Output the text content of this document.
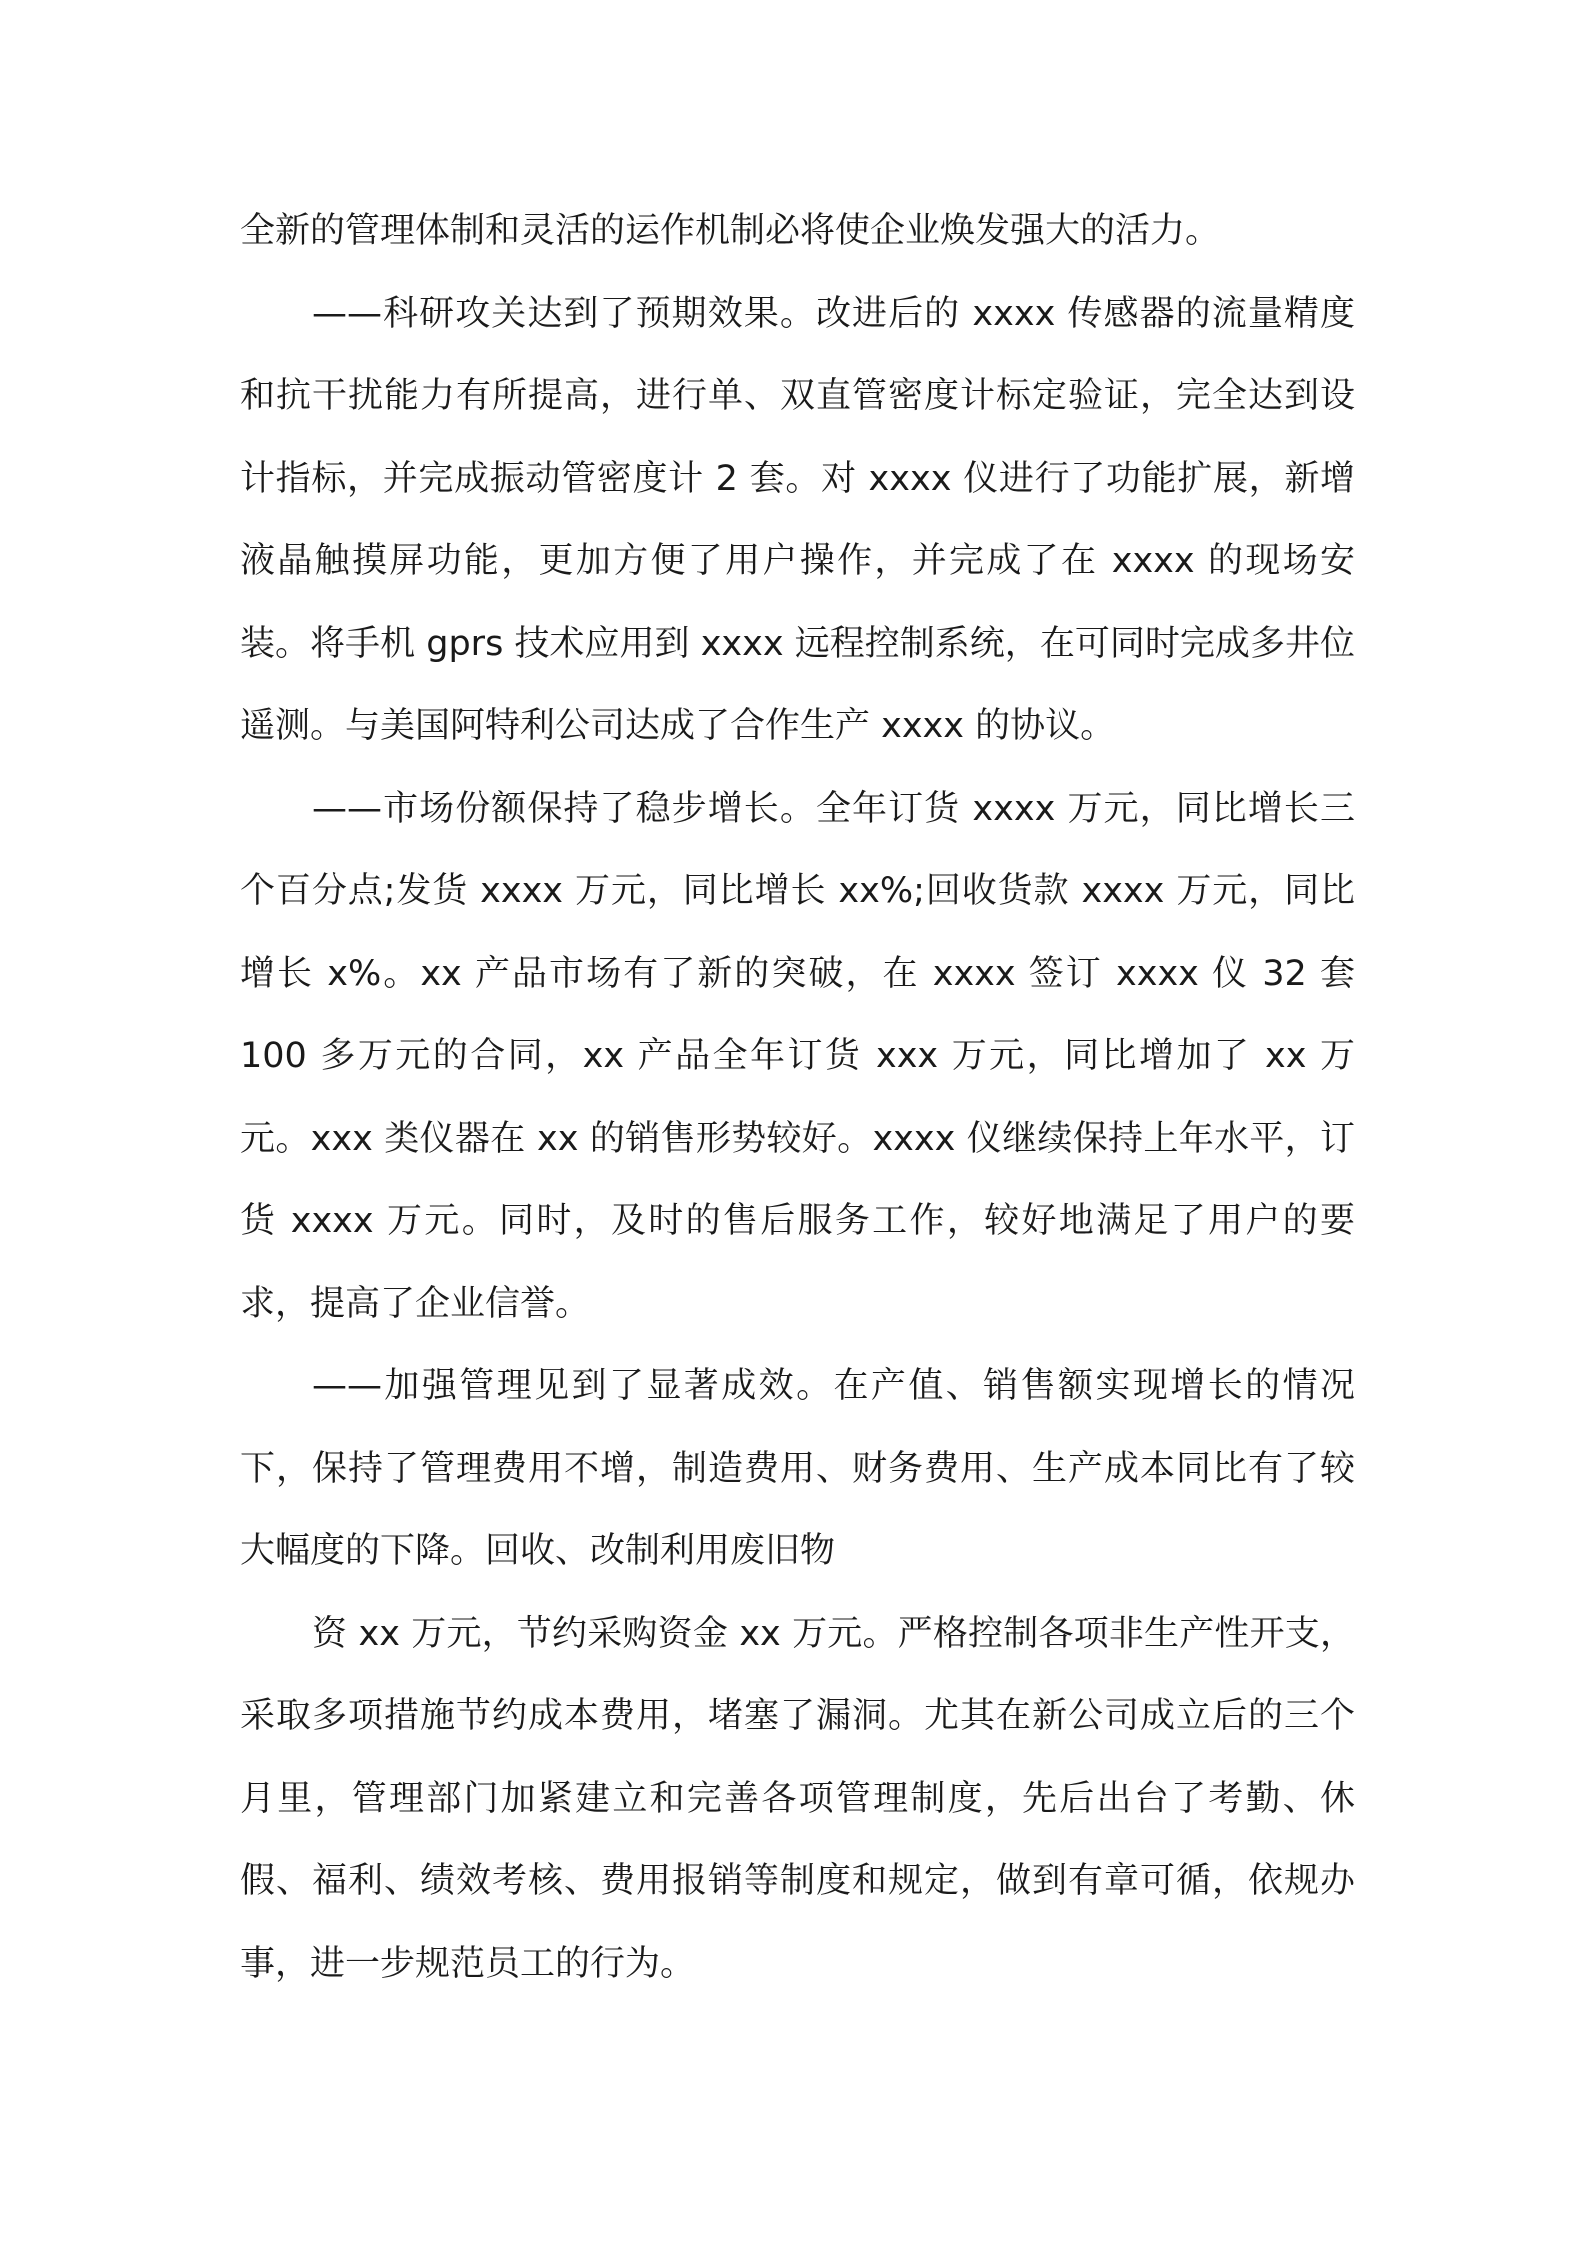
全新的管理体制和灵活的运作机制必将使企业焕发强大的活力。

——科研攻关达到了预期效果。改进后的 xxxx 传感器的流量精度和抗干扰能力有所提高，进行单、双直管密度计标定验证，完全达到设计指标，并完成振动管密度计 2 套。对 xxxx 仪进行了功能扩展，新增液晶触摸屏功能，更加方便了用户操作，并完成了在 xxxx 的现场安装。将手机 gprs 技术应用到 xxxx 远程控制系统，在可同时完成多井位遥测。与美国阿特利公司达成了合作生产 xxxx 的协议。

——市场份额保持了稳步增长。全年订货 xxxx 万元，同比增长三个百分点;发货 xxxx 万元，同比增长 xx%;回收货款 xxxx 万元，同比增长 x%。xx 产品市场有了新的突破，在 xxxx 签订 xxxx 仪 32 套 100 多万元的合同，xx 产品全年订货 xxx 万元，同比增加了 xx 万元。xxx 类仪器在 xx 的销售形势较好。xxxx 仪继续保持上年水平，订货 xxxx 万元。同时，及时的售后服务工作，较好地满足了用户的要求，提高了企业信誉。

——加强管理见到了显著成效。在产值、销售额实现增长的情况下，保持了管理费用不增，制造费用、财务费用、生产成本同比有了较大幅度的下降。回收、改制利用废旧物

资 xx 万元，节约采购资金 xx 万元。严格控制各项非生产性开支，采取多项措施节约成本费用，堵塞了漏洞。尤其在新公司成立后的三个月里，管理部门加紧建立和完善各项管理制度，先后出台了考勤、休假、福利、绩效考核、费用报销等制度和规定，做到有章可循，依规办事，进一步规范员工的行为。
